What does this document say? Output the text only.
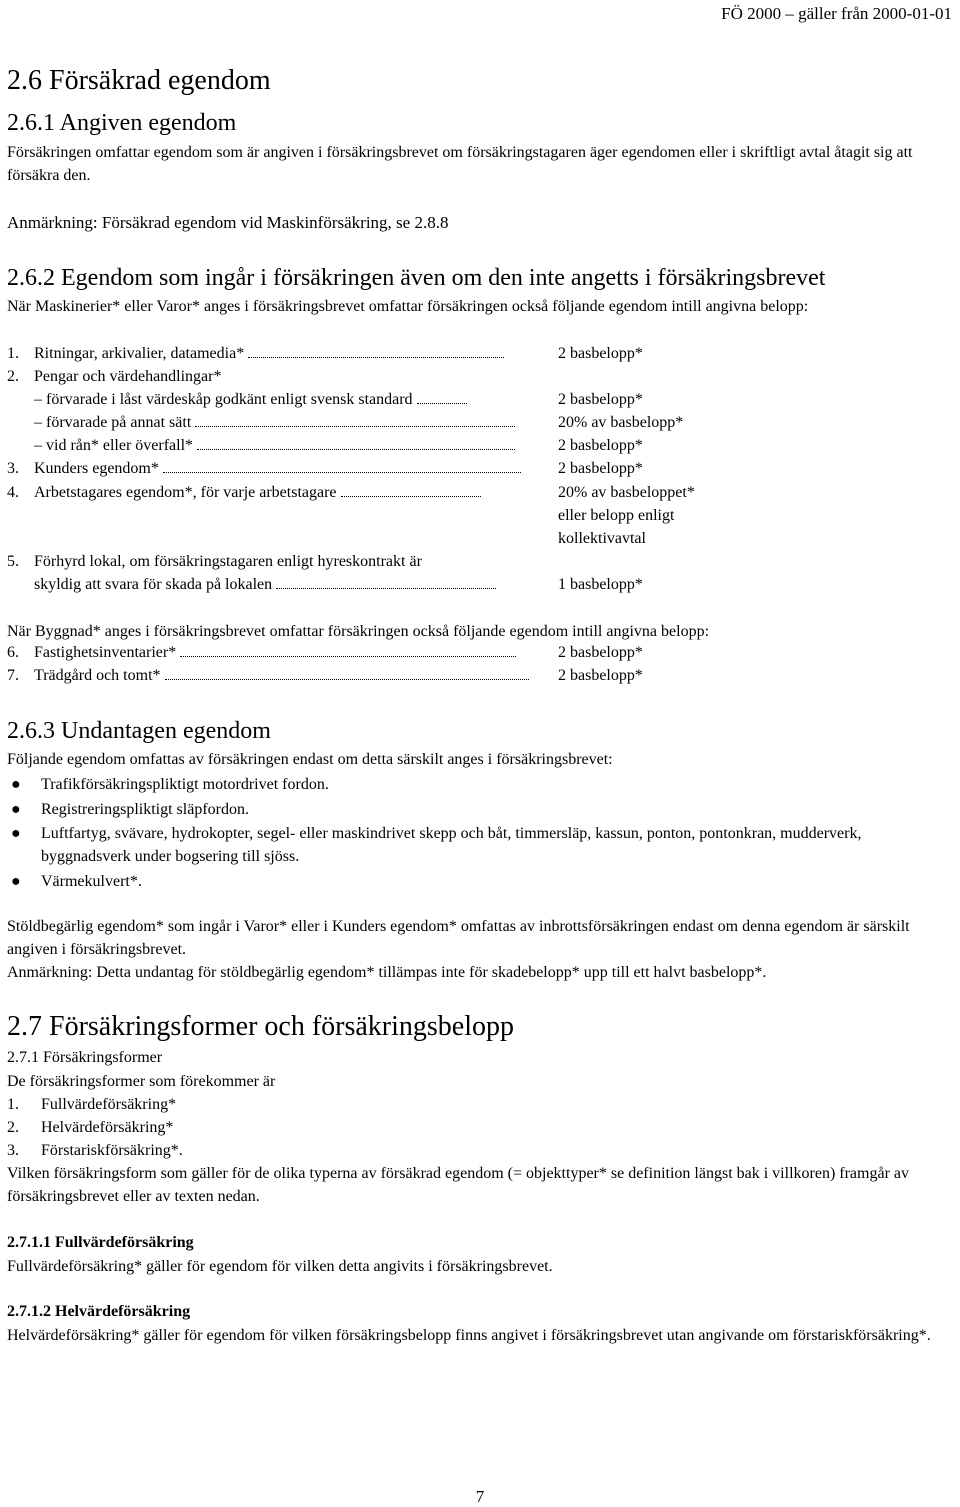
FÖ 2000 – gäller från 2000-01-01
2.6 Försäkrad egendom
2.6.1 Angiven egendom
Försäkringen omfattar egendom som är angiven i försäkringsbrevet om försäkringstagaren äger egendomen eller i skriftligt avtal åtagit sig att försäkra den.
Anmärkning: Försäkrad egendom vid Maskinförsäkring, se 2.8.8
2.6.2 Egendom som ingår i försäkringen även om den inte angetts i försäkringsbrevet
När Maskinerier* eller Varor* anges i försäkringsbrevet omfattar försäkringen också följande egendom intill angivna belopp:
1. Ritningar, arkivalier, datamedia*	2 basbelopp*
2. Pengar och värdehandlingar*
– förvarade i låst värdeskåp godkänt enligt svensk standard	2 basbelopp*
– förvarade på annat sätt	20% av basbelopp*
– vid rån* eller överfall*	2 basbelopp*
3. Kunders egendom*	2 basbelopp*
4. Arbetstagares egendom*, för varje arbetstagare	20% av basbeloppet*
eller belopp enligt
kollektivavtal
5. Förhyrd lokal, om försäkringstagaren enligt hyreskontrakt är
skyldig att svara för skada på lokalen	1 basbelopp*
När Byggnad* anges i försäkringsbrevet omfattar försäkringen också följande egendom intill angivna belopp:
6. Fastighetsinventarier*	2 basbelopp*
7. Trädgård och tomt*	2 basbelopp*
2.6.3 Undantagen egendom
Följande egendom omfattas av försäkringen endast om detta särskilt anges i försäkringsbrevet:
● Trafikförsäkringspliktigt motordrivet fordon.
● Registreringspliktigt släpfordon.
● Luftfartyg, svävare, hydrokopter, segel- eller maskindrivet skepp och båt, timmersläp, kassun, ponton, pontonkran, mudderverk, byggnadsverk under bogsering till sjöss.
● Värmekulvert*.
Stöldbegärlig egendom* som ingår i Varor* eller i Kunders egendom* omfattas av inbrottsförsäkringen endast om denna egendom är särskilt angiven i försäkringsbrevet.
Anmärkning: Detta undantag för stöldbegärlig egendom* tillämpas inte för skadebelopp* upp till ett halvt basbelopp*.
2.7 Försäkringsformer och försäkringsbelopp
2.7.1 Försäkringsformer
De försäkringsformer som förekommer är
1. Fullvärdeförsäkring*
2. Helvärdeförsäkring*
3. Förstariskförsäkring*.
Vilken försäkringsform som gäller för de olika typerna av försäkrad egendom (= objekttyper* se definition längst bak i villkoren) framgår av försäkringsbrevet eller av texten nedan.
2.7.1.1 Fullvärdeförsäkring
Fullvärdeförsäkring* gäller för egendom för vilken detta angivits i försäkringsbrevet.
2.7.1.2 Helvärdeförsäkring
Helvärdeförsäkring* gäller för egendom för vilken försäkringsbelopp finns angivet i försäkringsbrevet utan angivande om förstariskförsäkring*.
7
